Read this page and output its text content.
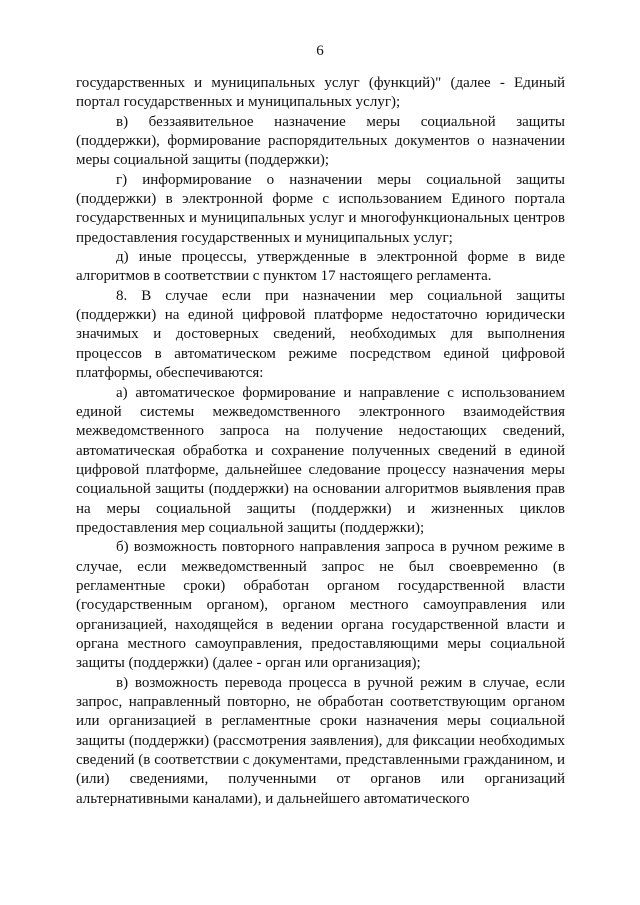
6

государственных и муниципальных услуг (функций)" (далее - Единый портал государственных и муниципальных услуг);

в) беззаявительное назначение меры социальной защиты (поддержки), формирование распорядительных документов о назначении меры социальной защиты (поддержки);

г) информирование о назначении меры социальной защиты (поддержки) в электронной форме с использованием Единого портала государственных и муниципальных услуг и многофункциональных центров предоставления государственных и муниципальных услуг;

д) иные процессы, утвержденные в электронной форме в виде алгоритмов в соответствии с пунктом 17 настоящего регламента.

8. В случае если при назначении мер социальной защиты (поддержки) на единой цифровой платформе недостаточно юридически значимых и достоверных сведений, необходимых для выполнения процессов в автоматическом режиме посредством единой цифровой платформы, обеспечиваются:

а) автоматическое формирование и направление с использованием единой системы межведомственного электронного взаимодействия межведомственного запроса на получение недостающих сведений, автоматическая обработка и сохранение полученных сведений в единой цифровой платформе, дальнейшее следование процессу назначения меры социальной защиты (поддержки) на основании алгоритмов выявления прав на меры социальной защиты (поддержки) и жизненных циклов предоставления мер социальной защиты (поддержки);

б) возможность повторного направления запроса в ручном режиме в случае, если межведомственный запрос не был своевременно (в регламентные сроки) обработан органом государственной власти (государственным органом), органом местного самоуправления или организацией, находящейся в ведении органа государственной власти и органа местного самоуправления, предоставляющими меры социальной защиты (поддержки) (далее - орган или организация);

в) возможность перевода процесса в ручной режим в случае, если запрос, направленный повторно, не обработан соответствующим органом или организацией в регламентные сроки назначения меры социальной защиты (поддержки) (рассмотрения заявления), для фиксации необходимых сведений (в соответствии с документами, представленными гражданином, и (или) сведениями, полученными от органов или организаций альтернативными каналами), и дальнейшего автоматического
